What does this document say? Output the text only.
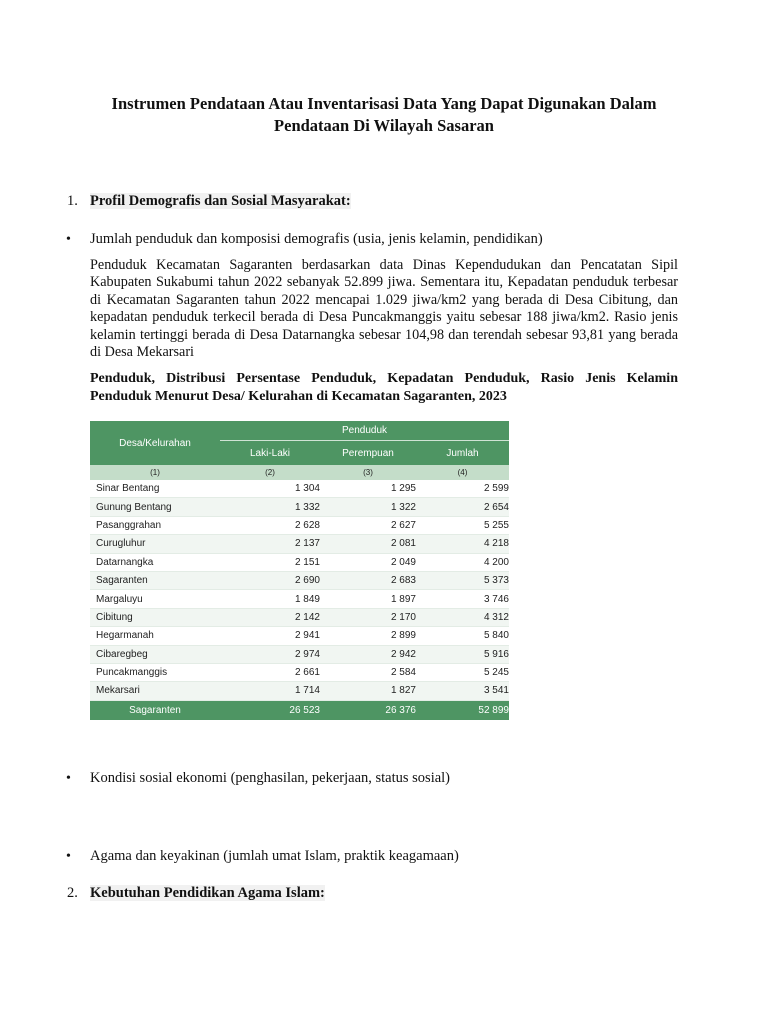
Instrumen Pendataan Atau Inventarisasi Data Yang Dapat Digunakan Dalam
Pendataan Di Wilayah Sasaran
1. Profil Demografis dan Sosial Masyarakat:
• Jumlah penduduk dan komposisi demografis (usia, jenis kelamin, pendidikan)
Penduduk Kecamatan Sagaranten berdasarkan data Dinas Kependudukan dan Pencatatan Sipil Kabupaten Sukabumi tahun 2022 sebanyak 52.899 jiwa. Sementara itu, Kepadatan penduduk terbesar di Kecamatan Sagaranten tahun 2022 mencapai 1.029 jiwa/km2 yang berada di Desa Cibitung, dan kepadatan penduduk terkecil berada di Desa Puncakmanggis yaitu sebesar 188 jiwa/km2. Rasio jenis kelamin tertinggi berada di Desa Datarnangka sebesar 104,98 dan terendah sebesar 93,81 yang berada di Desa Mekarsari
Penduduk, Distribusi Persentase Penduduk, Kepadatan Penduduk, Rasio Jenis Kelamin Penduduk Menurut Desa/ Kelurahan di Kecamatan Sagaranten, 2023
Desa/Kelurahan
Penduduk
Laki-Laki	Perempuan	Jumlah
(1)	(2)	(3)	(4)
Sinar Bentang	1 304	1 295	2 599
Gunung Bentang	1 332	1 322	2 654
Pasanggrahan	2 628	2 627	5 255
Curugluhur	2 137	2 081	4 218
Datarnangka	2 151	2 049	4 200
Sagaranten	2 690	2 683	5 373
Margaluyu	1 849	1 897	3 746
Cibitung	2 142	2 170	4 312
Hegarmanah	2 941	2 899	5 840
Cibaregbeg	2 974	2 942	5 916
Puncakmanggis	2 661	2 584	5 245
Mekarsari	1 714	1 827	3 541
Sagaranten	26 523	26 376	52 899
• Kondisi sosial ekonomi (penghasilan, pekerjaan, status sosial)
• Agama dan keyakinan (jumlah umat Islam, praktik keagamaan)
2. Kebutuhan Pendidikan Agama Islam:
